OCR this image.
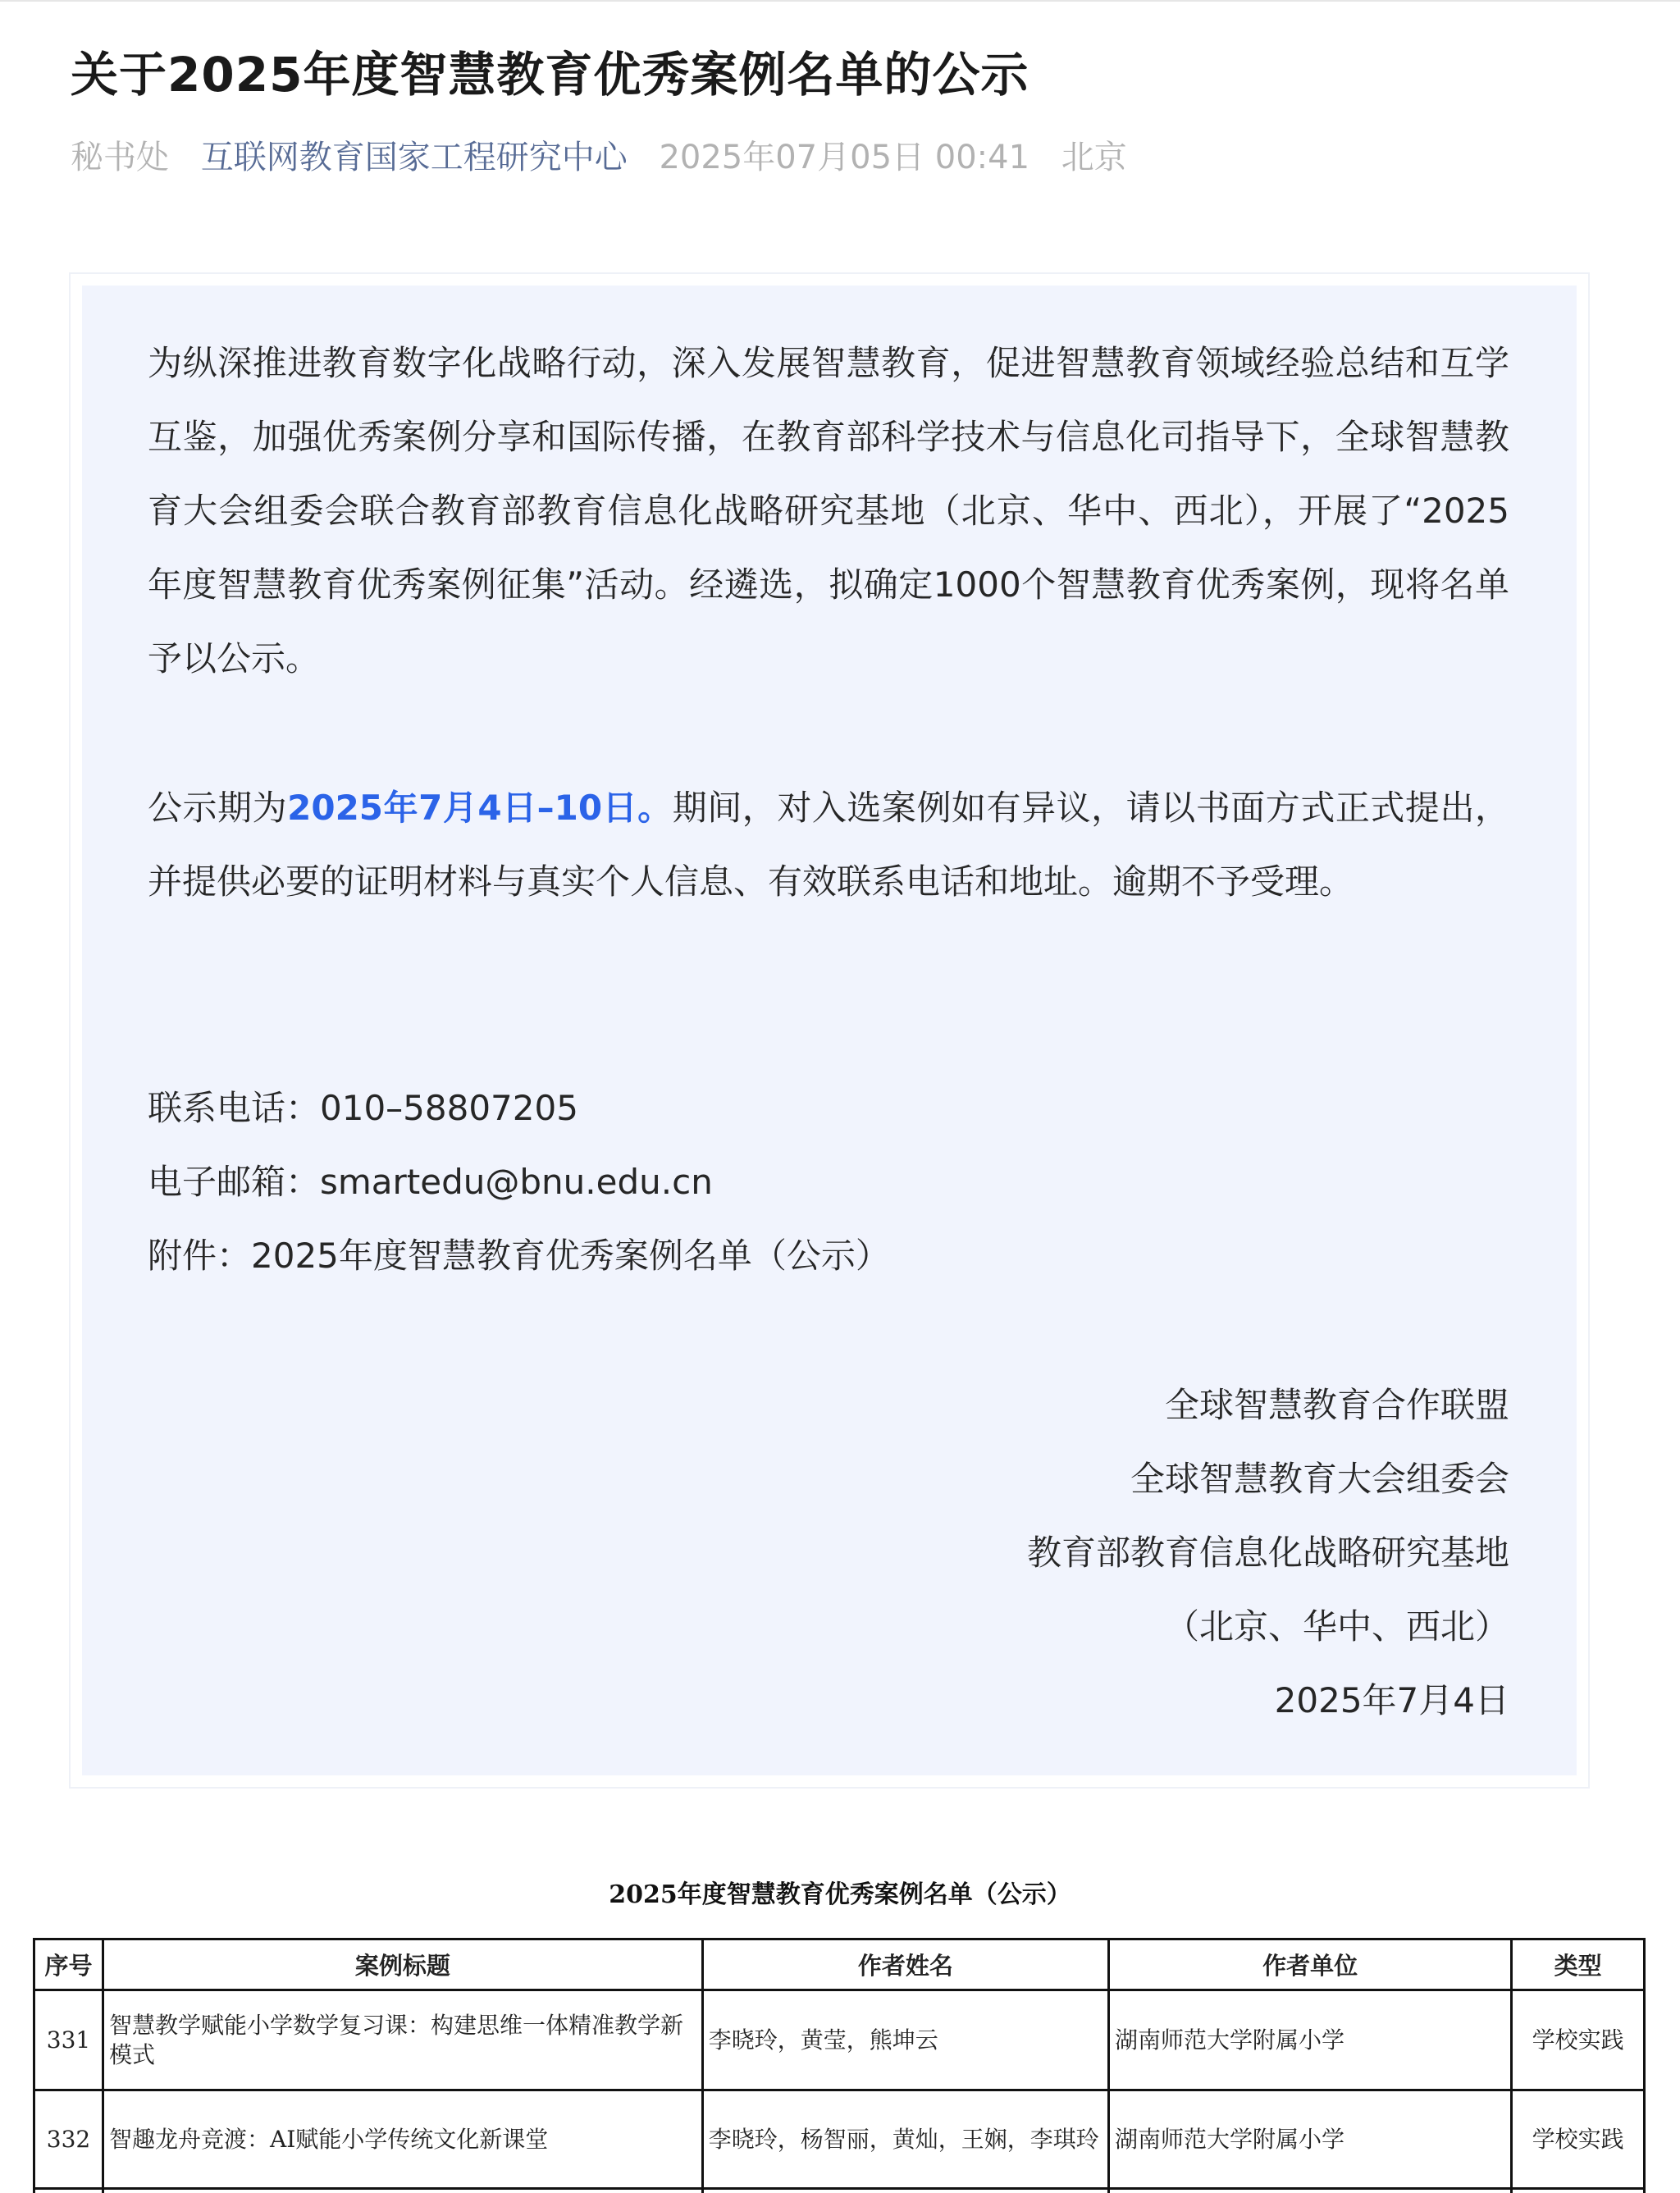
关于2025年度智慧教育优秀案例名单的公示
秘书处 互联网教育国家工程研究中心 2025年07月05日 00:41 北京

为纵深推进教育数字化战略行动，深入发展智慧教育，促进智慧教育领域经验总结和互学互鉴，加强优秀案例分享和国际传播，在教育部科学技术与信息化司指导下，全球智慧教育大会组委会联合教育部教育信息化战略研究基地（北京、华中、西北），开展了“2025年度智慧教育优秀案例征集”活动。经遴选，拟确定1000个智慧教育优秀案例，现将名单予以公示。

公示期为2025年7月4日–10日。期间，对入选案例如有异议，请以书面方式正式提出，并提供必要的证明材料与真实个人信息、有效联系电话和地址。逾期不予受理。

联系电话：010–58807205
电子邮箱：smartedu@bnu.edu.cn
附件：2025年度智慧教育优秀案例名单（公示）
全球智慧教育合作联盟
全球智慧教育大会组委会
教育部教育信息化战略研究基地
（北京、华中、西北）
2025年7月4日
2025年度智慧教育优秀案例名单（公示）
序号	案例标题	作者姓名	作者单位	类型
331	智慧教学赋能小学数学复习课：构建思维一体精准教学新模式	李晓玲，黄莹，熊坤云	湖南师范大学附属小学	学校实践
332	智趣龙舟竞渡：AI赋能小学传统文化新课堂	李晓玲，杨智丽，黄灿，王娴，李琪玲	湖南师范大学附属小学	学校实践
